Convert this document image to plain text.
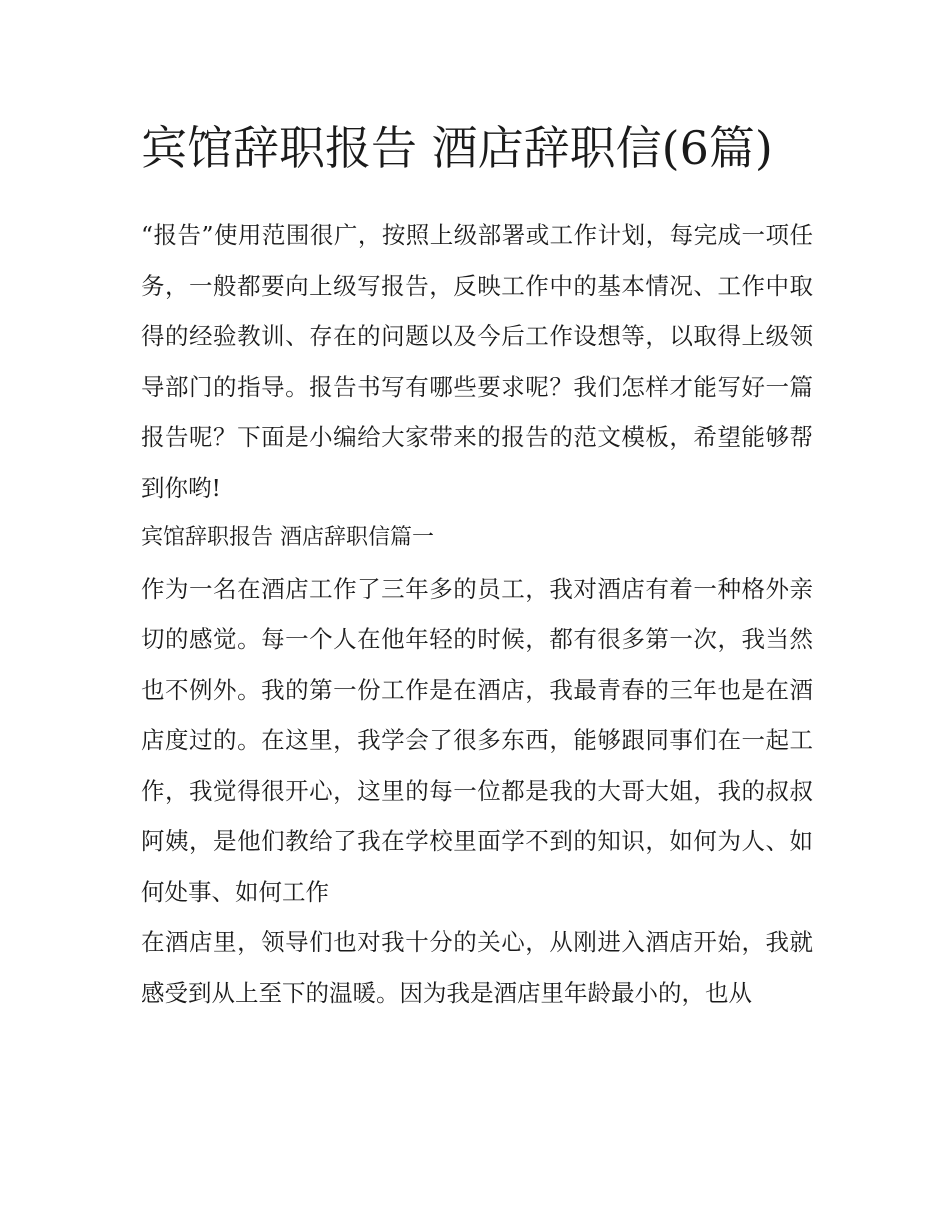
宾馆辞职报告 酒店辞职信(6篇)

“报告”使用范围很广，按照上级部署或工作计划，每完成一项任务，一般都要向上级写报告，反映工作中的基本情况、工作中取得的经验教训、存在的问题以及今后工作设想等，以取得上级领导部门的指导。报告书写有哪些要求呢？我们怎样才能写好一篇报告呢？下面是小编给大家带来的报告的范文模板，希望能够帮到你哟!

宾馆辞职报告 酒店辞职信篇一

作为一名在酒店工作了三年多的员工，我对酒店有着一种格外亲切的感觉。每一个人在他年轻的时候，都有很多第一次，我当然也不例外。我的第一份工作是在酒店，我最青春的三年也是在酒店度过的。在这里，我学会了很多东西，能够跟同事们在一起工作，我觉得很开心，这里的每一位都是我的大哥大姐，我的叔叔阿姨，是他们教给了我在学校里面学不到的知识，如何为人、如何处事、如何工作

在酒店里，领导们也对我十分的关心，从刚进入酒店开始，我就感受到从上至下的温暖。因为我是酒店里年龄最小的，也从
